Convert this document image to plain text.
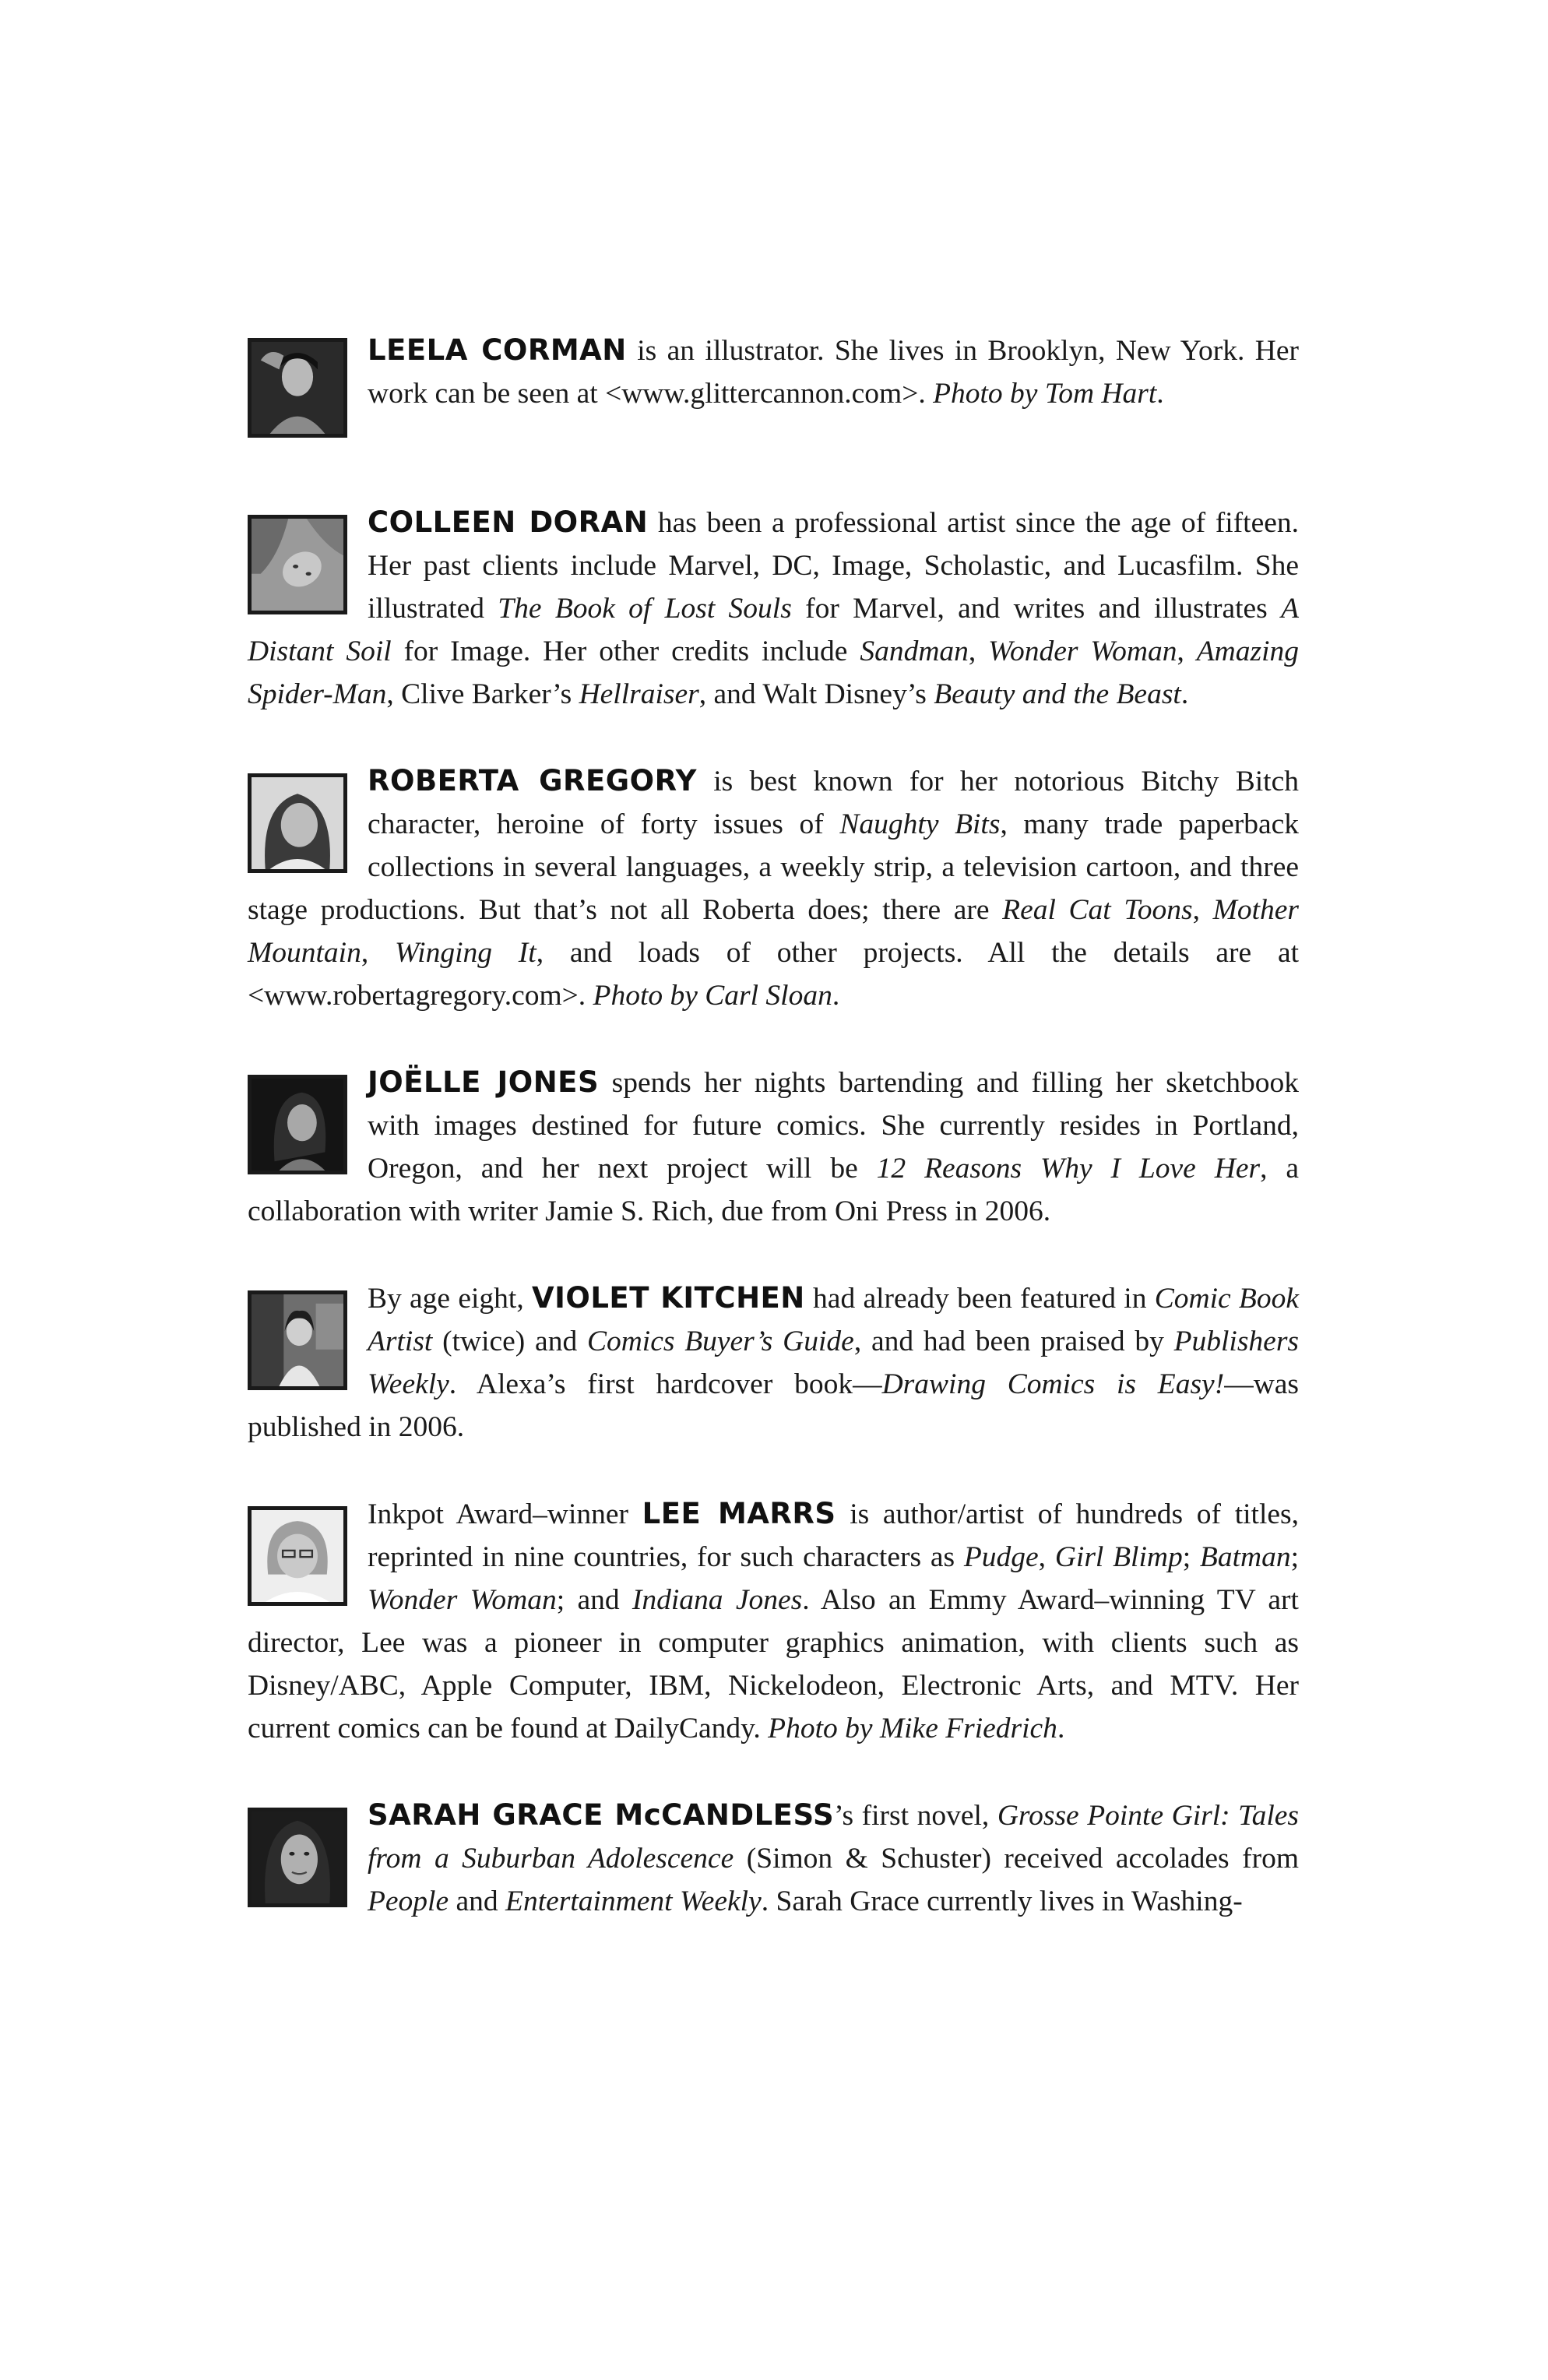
LEELA CORMAN is an illustrator. She lives in Brooklyn, New York. Her work can be seen at <www.glittercannon.com>. Photo by Tom Hart.
COLLEEN DORAN has been a professional artist since the age of fifteen. Her past clients include Marvel, DC, Image, Scholastic, and Lucasfilm. She illustrated The Book of Lost Souls for Marvel, and writes and illustrates A Distant Soil for Image. Her other credits include Sandman, Wonder Woman, Amazing Spider-Man, Clive Barker’s Hellraiser, and Walt Disney’s Beauty and the Beast.
ROBERTA GREGORY is best known for her notorious Bitchy Bitch character, heroine of forty issues of Naughty Bits, many trade paperback collections in several languages, a weekly strip, a television cartoon, and three stage productions. But that’s not all Roberta does; there are Real Cat Toons, Mother Mountain, Winging It, and loads of other projects. All the details are at <www.robertagregory.com>. Photo by Carl Sloan.
JOËLLE JONES spends her nights bartending and filling her sketchbook with images destined for future comics. She currently resides in Portland, Oregon, and her next project will be 12 Reasons Why I Love Her, a collaboration with writer Jamie S. Rich, due from Oni Press in 2006.
By age eight, VIOLET KITCHEN had already been featured in Comic Book Artist (twice) and Comics Buyer’s Guide, and had been praised by Publishers Weekly. Alexa’s first hardcover book—Drawing Comics is Easy!—was published in 2006.
Inkpot Award–winner LEE MARRS is author/artist of hundreds of titles, reprinted in nine countries, for such characters as Pudge, Girl Blimp; Batman; Wonder Woman; and Indiana Jones. Also an Emmy Award–winning TV art director, Lee was a pioneer in computer graphics animation, with clients such as Disney/ABC, Apple Computer, IBM, Nickelodeon, Electronic Arts, and MTV. Her current comics can be found at DailyCandy. Photo by Mike Friedrich.
SARAH GRACE McCANDLESS’s first novel, Grosse Pointe Girl: Tales from a Suburban Adolescence (Simon & Schuster) received accolades from People and Entertainment Weekly. Sarah Grace currently lives in Washing-
